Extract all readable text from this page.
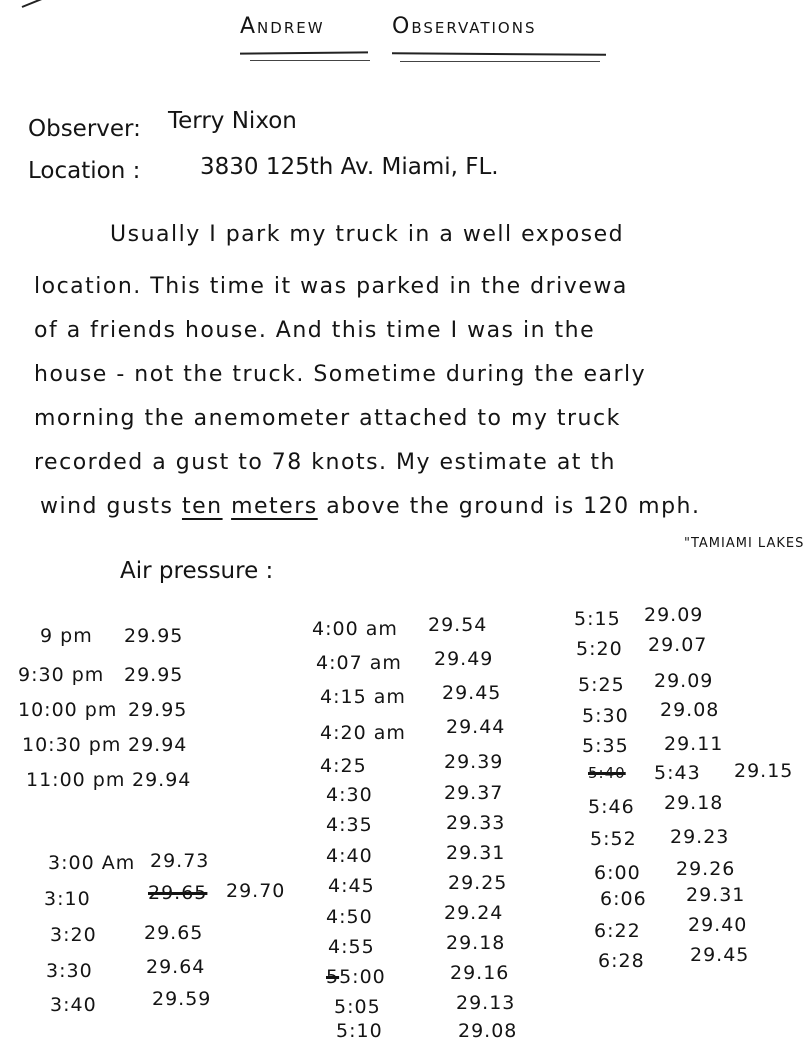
Andrew	Observations
Observer: Terry Nixon
Location :	3830 125th Av. Miami, FL.
Usually I park my truck in a well exposed
location. This time it was parked in the drivewa
of a friends house. And this time I was in the
house - not the truck. Sometime during the early
morning the anemometer attached to my truck
recorded a gust to 78 knots. My estimate at th
wind gusts ten meters above the ground is 120 mph.
"TAMIAMI LAKES
Air pressure :
9 pm 29.95
9:30 pm 29.95
10:00 pm 29.95
10:30 pm 29.94
11:00 pm 29.94
3:00 Am 29.73
3:10	29.65 29.70
3:20 29.65
3:30	29.64
3:40	29.59
4:00 am 29.54
4:07 am 29.49
4:15 am 29.45
4:20 am 29.44
4:25	29.39
4:30	29.37
4:35	29.33
4:40	29.31
4:45	29.25
4:50	29.24
4:55	29.18
55:00	29.16
5:05	29.13
5:10	29.08
5:15 29.09
5:20 29.07
5:25 29.09
5:30 29.08
5:35 29.11
5:40 5:43 29.15
5:46 29.18
5:52 29.23
6:00 29.26
6:06 29.31
6:22 29.40
6:28 29.45
